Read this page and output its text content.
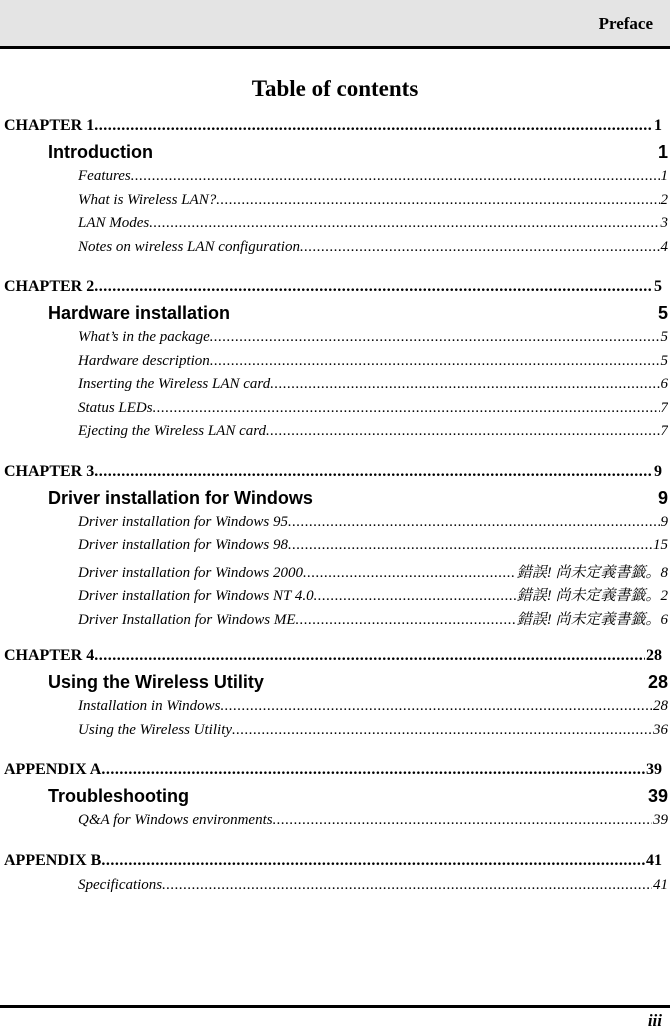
Preface
Table of contents
CHAPTER 1 .....	1
Introduction	1
Features .....	1
What is Wireless LAN? .....	2
LAN Modes .....	3
Notes on wireless LAN configuration .....	4
CHAPTER 2 .....	5
Hardware installation	5
What’s in the package .....	5
Hardware description .....	5
Inserting the Wireless LAN card .....	6
Status LEDs .....	7
Ejecting the Wireless LAN card .....	7
CHAPTER 3 .....	9
Driver installation for Windows	9
Driver installation for Windows 95 .....	9
Driver installation for Windows 98 .....	15
Driver installation for Windows 2000 .....	錯誤! 尚未定義書籤。8
Driver installation for Windows NT 4.0 .....	錯誤! 尚未定義書籤。2
Driver Installation for Windows ME .....	錯誤! 尚未定義書籤。6
CHAPTER 4 .....	28
Using the Wireless Utility	28
Installation in Windows .....	28
Using the Wireless Utility .....	36
APPENDIX A .....	39
Troubleshooting	39
Q&A for Windows environments .....	39
APPENDIX B .....	41
Specifications .....	41
iii
